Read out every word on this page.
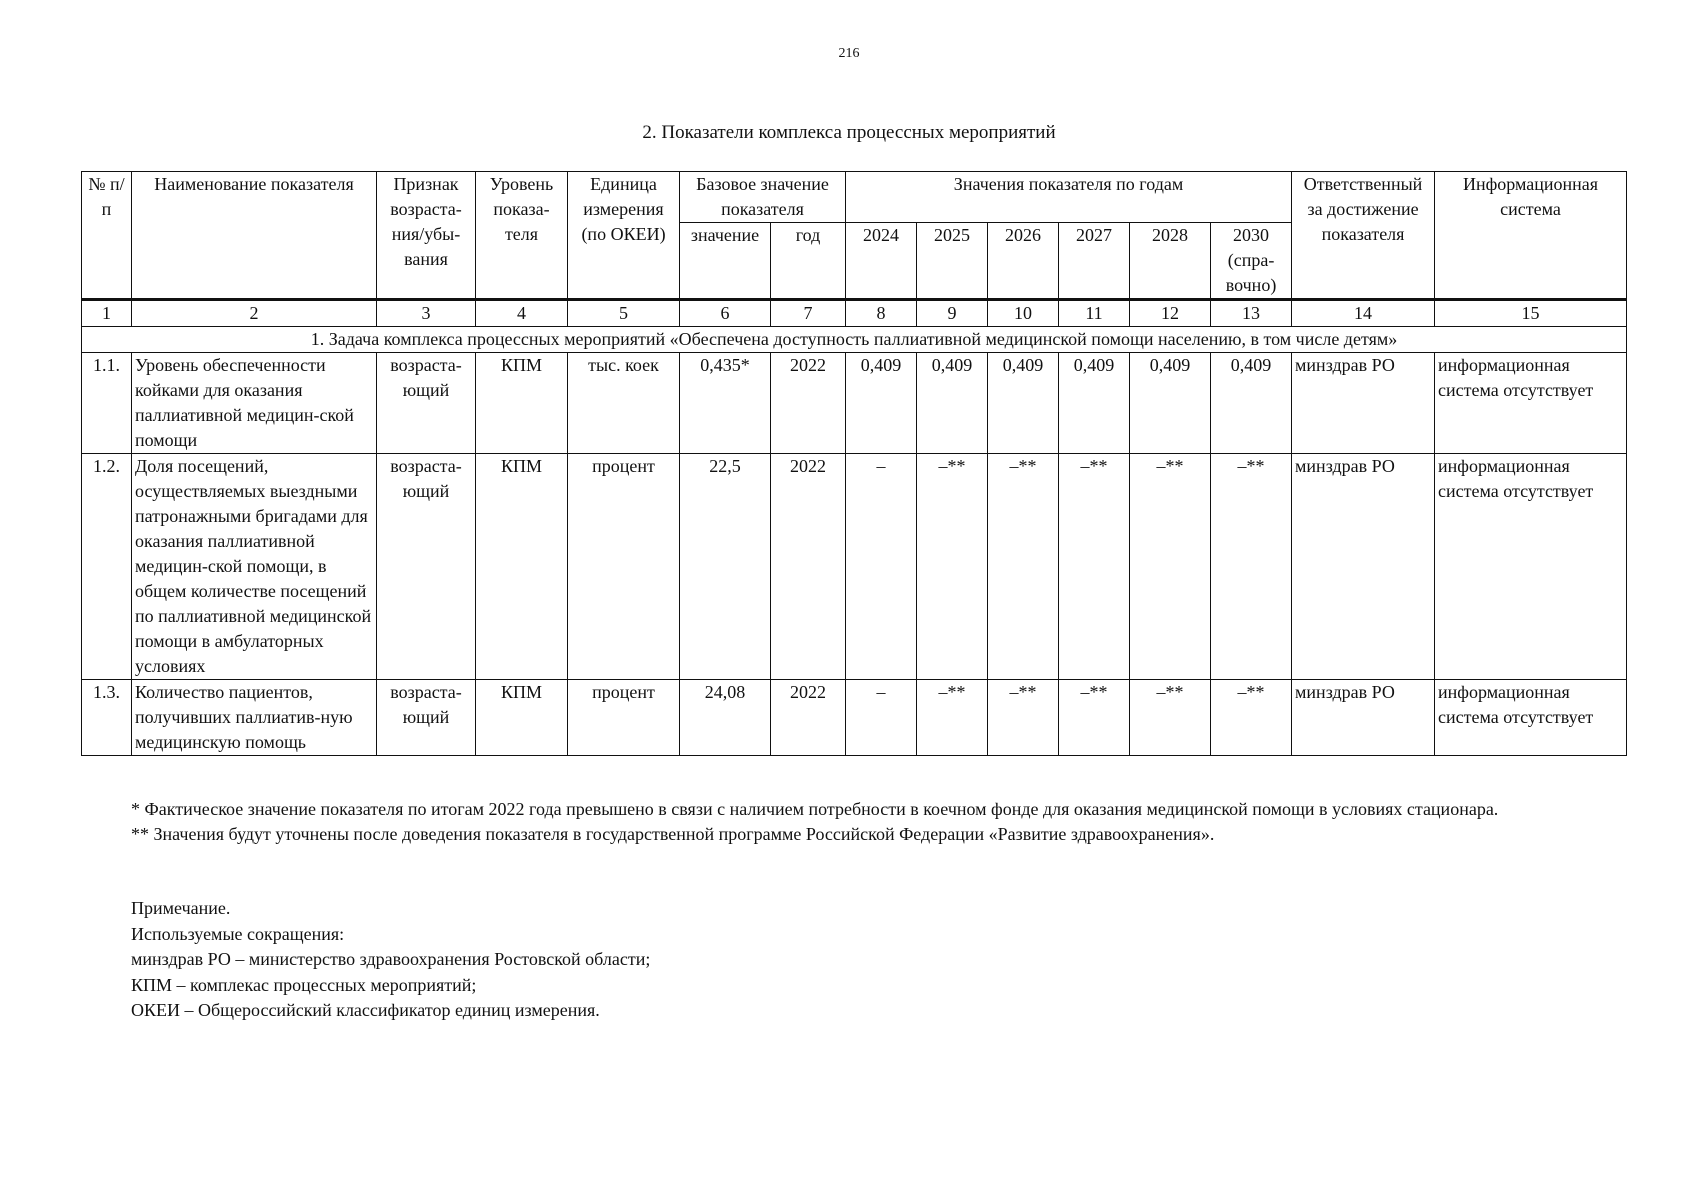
216
2. Показатели комплекса процессных мероприятий
№ п/п	Наименование показателя	Признак возраста-ния/убы-вания	Уровень показа-теля	Единица измерения (по ОКЕИ)	Базовое значение показателя		Значения показателя по годам						Ответственный за достижение показателя	Информационная система
					значение	год	2024	2025	2026	2027	2028	2030 (спра-вочно)		
1	2	3	4	5	6	7	8	9	10	11	12	13	14	15
1. Задача комплекса процессных мероприятий «Обеспечена доступность паллиативной медицинской помощи населению, в том числе детям»														
1.1.	Уровень обеспеченности койками для оказания паллиативной медицин-ской помощи	возраста-ющий	КПМ	тыс. коек	0,435*	2022	0,409	0,409	0,409	0,409	0,409	0,409	минздрав РО	информационная система отсутствует
1.2.	Доля посещений, осуществляемых выездными патронажными бригадами для оказания паллиативной медицин-ской помощи, в общем количестве посещений по паллиативной медицинской помощи в амбулаторных условиях	возраста-ющий	КПМ	процент	22,5	2022	–	–**	–**	–**	–**	–**	минздрав РО	информационная система отсутствует
1.3.	Количество пациентов, получивших паллиатив-ную медицинскую помощь	возраста-ющий	КПМ	процент	24,08	2022	–	–**	–**	–**	–**	–**	минздрав РО	информационная система отсутствует

* Фактическое значение показателя по итогам 2022 года превышено в связи с наличием потребности в коечном фонде для оказания медицинской помощи в условиях стационара.

** Значения будут уточнены после доведения показателя в государственной программе Российской Федерации «Развитие здравоохранения».

Примечание.
Используемые сокращения:
минздрав РО – министерство здравоохранения Ростовской области;
КПМ – комплекас процессных мероприятий;
ОКЕИ – Общероссийский классификатор единиц измерения.
